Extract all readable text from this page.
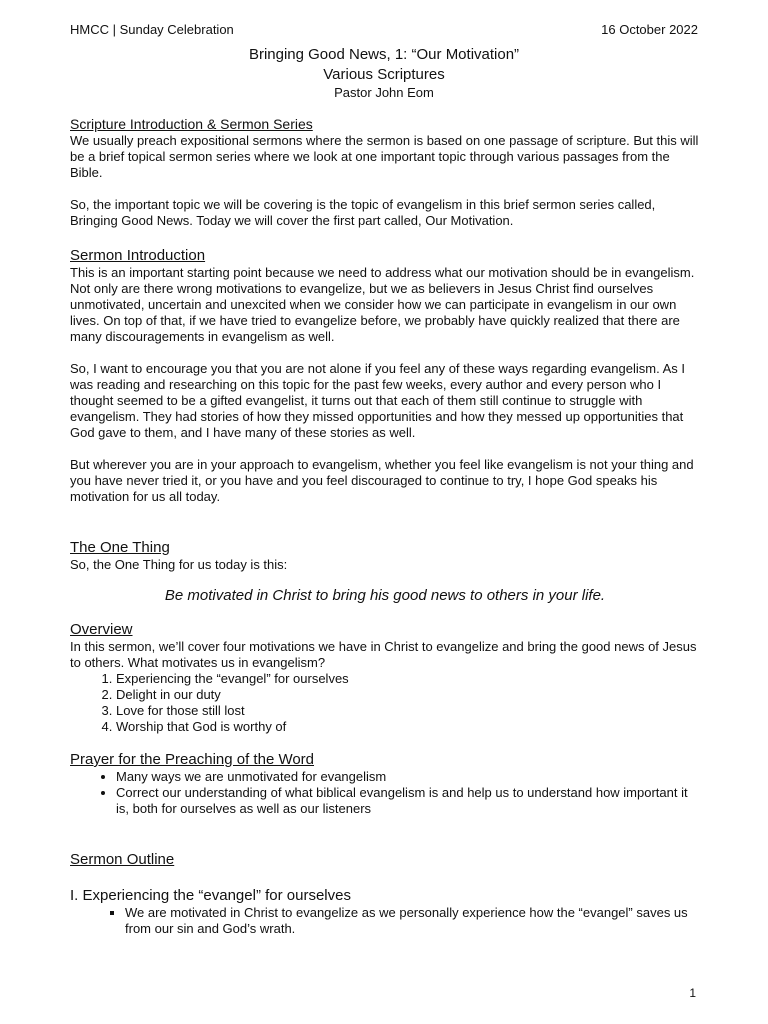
HMCC | Sunday Celebration	16 October 2022
Bringing Good News, 1: “Our Motivation”
Various Scriptures
Pastor John Eom
Scripture Introduction & Sermon Series

We usually preach expositional sermons where the sermon is based on one passage of scripture. But this will be a brief topical sermon series where we look at one important topic through various passages from the Bible.

So, the important topic we will be covering is the topic of evangelism in this brief sermon series called, Bringing Good News. Today we will cover the first part called, Our Motivation.

Sermon Introduction

This is an important starting point because we need to address what our motivation should be in evangelism. Not only are there wrong motivations to evangelize, but we as believers in Jesus Christ find ourselves unmotivated, uncertain and unexcited when we consider how we can participate in evangelism in our own lives. On top of that, if we have tried to evangelize before, we probably have quickly realized that there are many discouragements in evangelism as well.

So, I want to encourage you that you are not alone if you feel any of these ways regarding evangelism. As I was reading and researching on this topic for the past few weeks, every author and every person who I thought seemed to be a gifted evangelist, it turns out that each of them still continue to struggle with evangelism. They had stories of how they missed opportunities and how they messed up opportunities that God gave to them, and I have many of these stories as well.

But wherever you are in your approach to evangelism, whether you feel like evangelism is not your thing and you have never tried it, or you have and you feel discouraged to continue to try, I hope God speaks his motivation for us all today.

The One Thing

So, the One Thing for us today is this:

Be motivated in Christ to bring his good news to others in your life.
Overview

In this sermon, we’ll cover four motivations we have in Christ to evangelize and bring the good news of Jesus to others. What motivates us in evangelism?

1. Experiencing the “evangel” for ourselves
2. Delight in our duty
3. Love for those still lost
4. Worship that God is worthy of
Prayer for the Preaching of the Word
• Many ways we are unmotivated for evangelism
• Correct our understanding of what biblical evangelism is and help us to understand how important it is, both for ourselves as well as our listeners
Sermon Outline
I. Experiencing the “evangel” for ourselves
▪ We are motivated in Christ to evangelize as we personally experience how the “evangel” saves us from our sin and God’s wrath.
1
